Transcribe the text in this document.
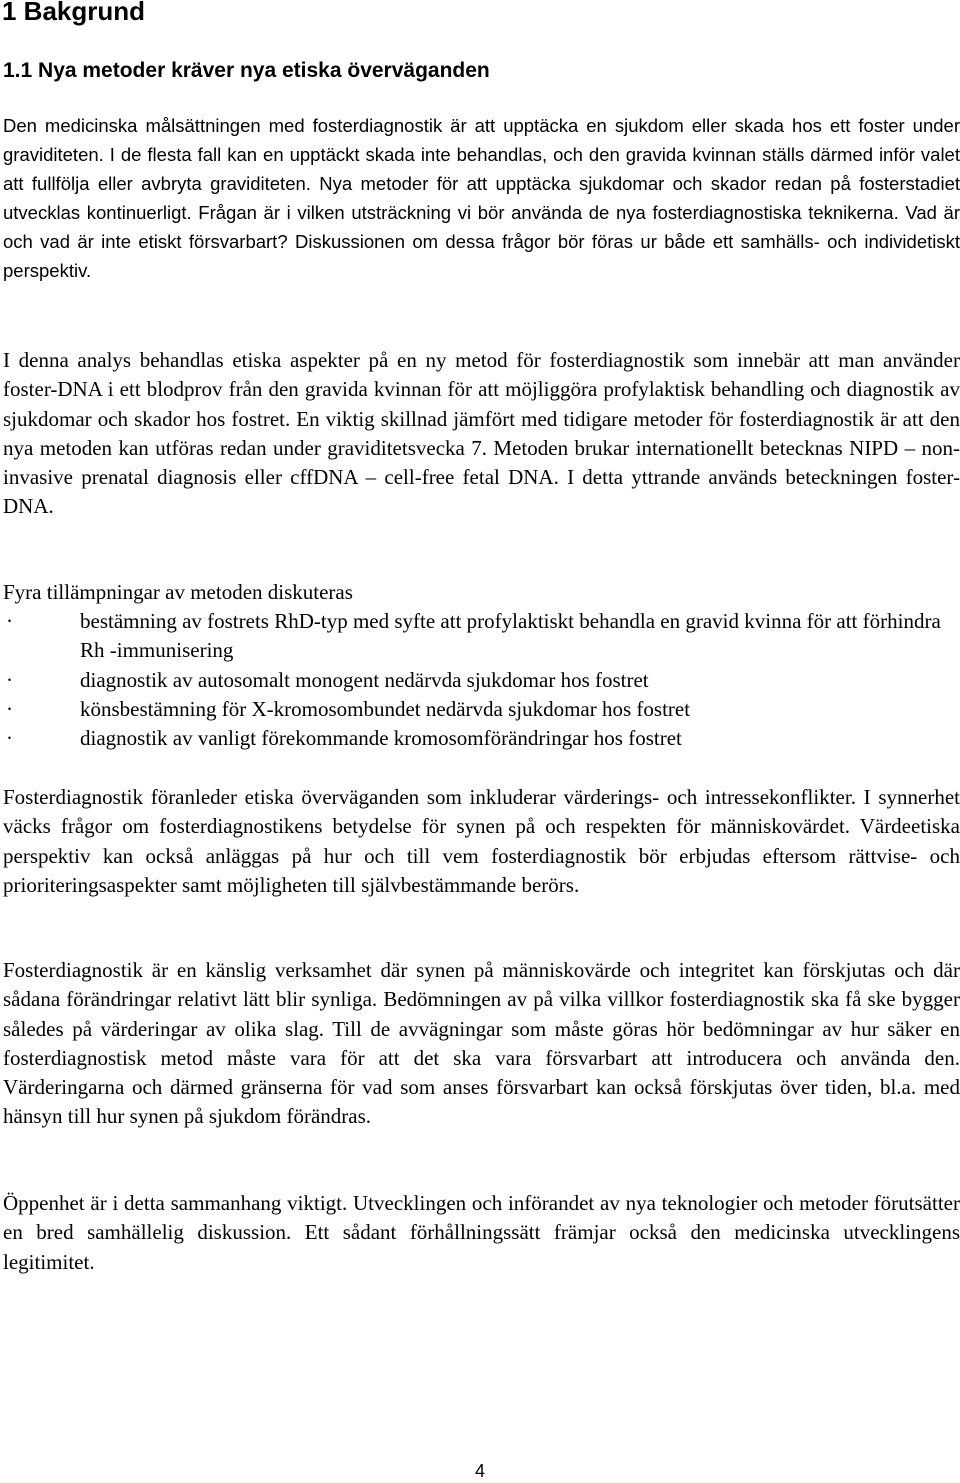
1 Bakgrund
1.1 Nya metoder kräver nya etiska överväganden

Den medicinska målsättningen med fosterdiagnostik är att upptäcka en sjukdom eller skada hos ett foster under graviditeten. I de flesta fall kan en upptäckt skada inte behandlas, och den gravida kvinnan ställs därmed inför valet att fullfölja eller avbryta graviditeten. Nya metoder för att upptäcka sjukdomar och skador redan på fosterstadiet utvecklas kontinuerligt. Frågan är i vilken utsträckning vi bör använda de nya fosterdiagnostiska teknikerna. Vad är och vad är inte etiskt försvarbart? Diskussionen om dessa frågor bör föras ur både ett samhälls- och individetiskt perspektiv.

I denna analys behandlas etiska aspekter på en ny metod för fosterdiagnostik som innebär att man använder foster-DNA i ett blodprov från den gravida kvinnan för att möjliggöra profylaktisk behandling och diagnostik av sjukdomar och skador hos fostret. En viktig skillnad jämfört med tidigare metoder för fosterdiagnostik är att den nya metoden kan utföras redan under graviditetsvecka 7. Metoden brukar internationellt betecknas NIPD – non-invasive prenatal diagnosis eller cffDNA – cell-free fetal DNA. I detta yttrande används beteckningen foster-DNA.

Fyra tillämpningar av metoden diskuteras

·	bestämning av fostrets RhD-typ med syfte att profylaktiskt behandla en gravid kvinna för att förhindra Rh -immunisering
·	diagnostik av autosomalt monogent nedärvda sjukdomar hos fostret
·	könsbestämning för X-kromosombundet nedärvda sjukdomar hos fostret
·	diagnostik av vanligt förekommande kromosomförändringar hos fostret

Fosterdiagnostik föranleder etiska överväganden som inkluderar värderings- och intressekonflikter. I synnerhet väcks frågor om fosterdiagnostikens betydelse för synen på och respekten för människovärdet. Värdeetiska perspektiv kan också anläggas på hur och till vem fosterdiagnostik bör erbjudas eftersom rättvise- och prioriteringsaspekter samt möjligheten till självbestämmande berörs.

Fosterdiagnostik är en känslig verksamhet där synen på människovärde och integritet kan förskjutas och där sådana förändringar relativt lätt blir synliga. Bedömningen av på vilka villkor fosterdiagnostik ska få ske bygger således på värderingar av olika slag. Till de avvägningar som måste göras hör bedömningar av hur säker en fosterdiagnostisk metod måste vara för att det ska vara försvarbart att introducera och använda den. Värderingarna och därmed gränserna för vad som anses försvarbart kan också förskjutas över tiden, bl.a. med hänsyn till hur synen på sjukdom förändras.

Öppenhet är i detta sammanhang viktigt. Utvecklingen och införandet av nya teknologier och metoder förutsätter en bred samhällelig diskussion. Ett sådant förhållningssätt främjar också den medicinska utvecklingens legitimitet.

4
